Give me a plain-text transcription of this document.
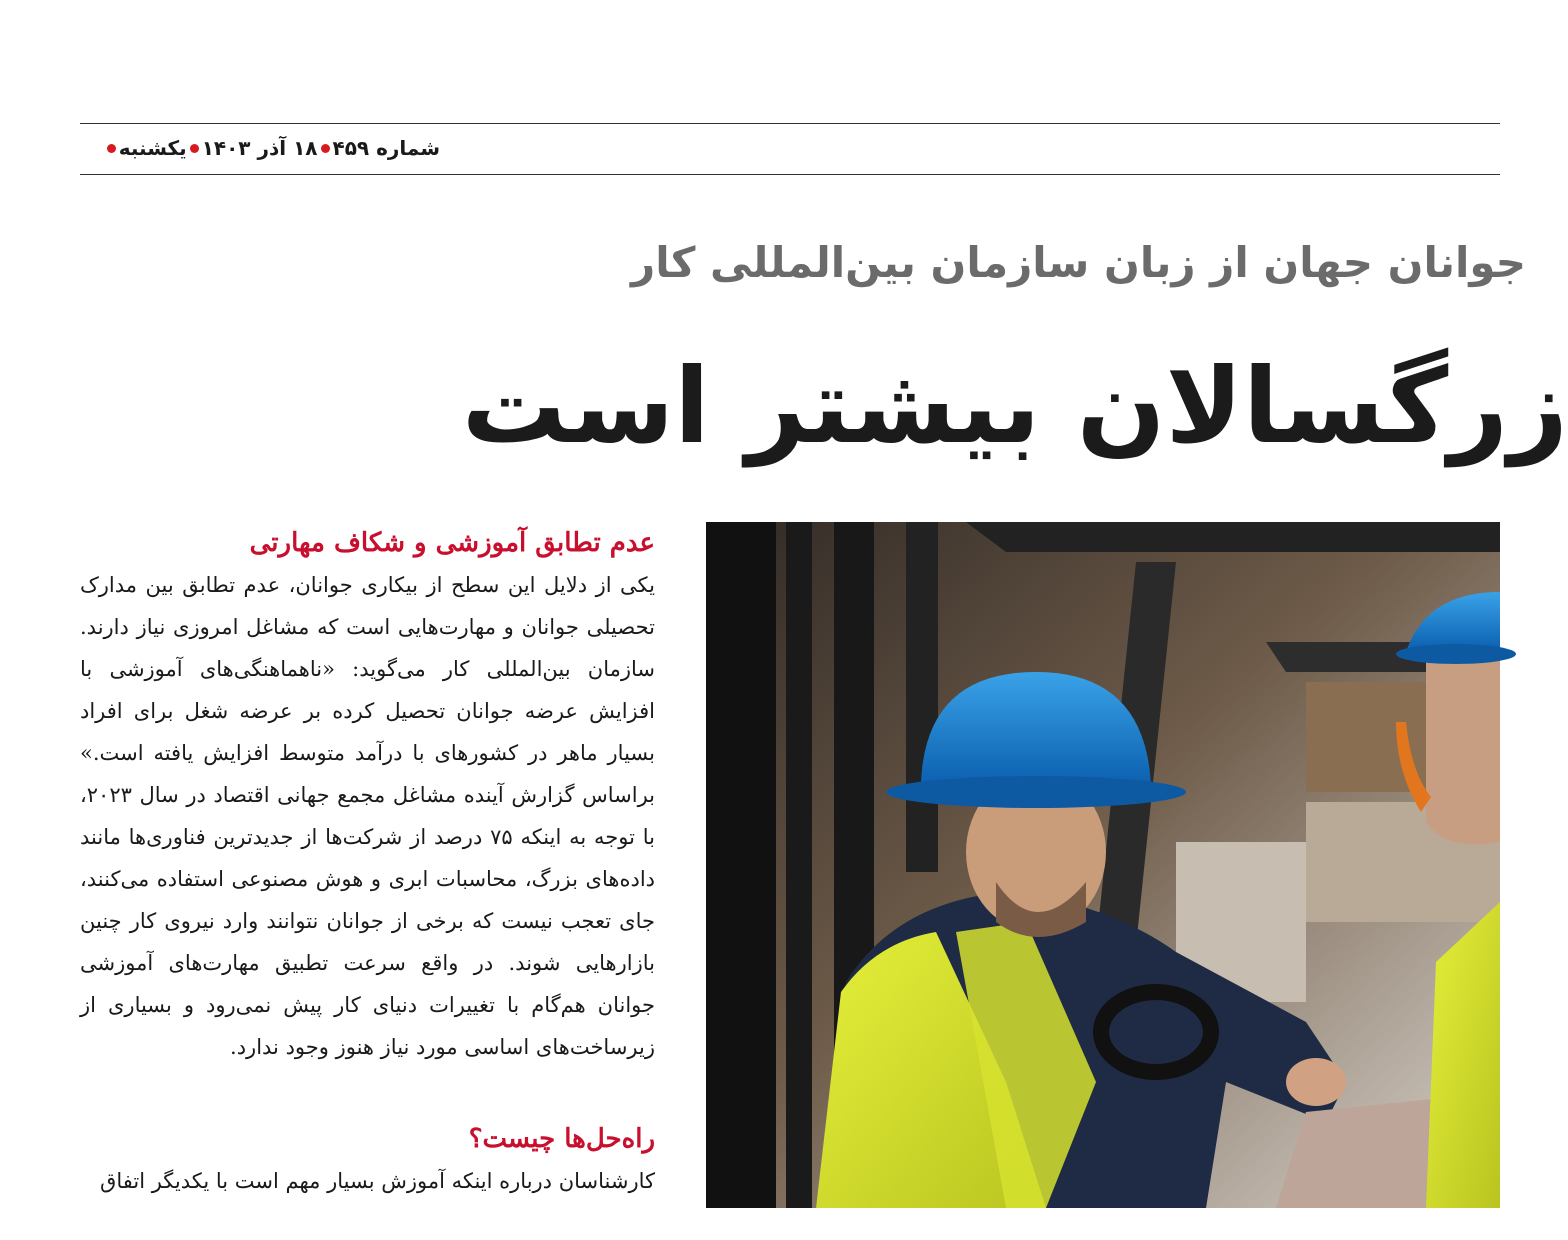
یکشنبه ۱۸ آذر ۱۴۰۳ شماره ۴۵۹
جوانان جهان از زبان سازمان بین‌المللی کار
زرگسالان بیشتر است
عدم تطابق آموزشی و شکاف مهارتی

یکی از دلایل این سطح از بیکاری جوانان، عدم تطابق بین مدارک تحصیلی جوانان و مهارت‌هایی است که مشاغل امروزی نیاز دارند. سازمان بین‌المللی کار می‌گوید: «ناهماهنگی‌های آموزشی با افزایش عرضه جوانان تحصیل کرده بر عرضه شغل برای افراد بسیار ماهر در کشورهای با درآمد متوسط افزایش یافته است.» براساس گزارش آینده مشاغل مجمع جهانی اقتصاد در سال ۲۰۲۳، با توجه به اینکه ۷۵ درصد از شرکت‌ها از جدیدترین فناوری‌ها مانند داده‌های بزرگ، محاسبات ابری و هوش مصنوعی استفاده می‌کنند، جای تعجب نیست که برخی از جوانان نتوانند وارد نیروی کار چنین بازارهایی شوند. در واقع سرعت تطبیق مهارت‌های آموزشی جوانان هم‌گام با تغییرات دنیای کار پیش نمی‌رود و بسیاری از زیرساخت‌های اساسی مورد نیاز هنوز وجود ندارد.

راه‌حل‌ها چیست؟

کارشناسان درباره اینکه آموزش بسیار مهم است با یکدیگر اتفاق
